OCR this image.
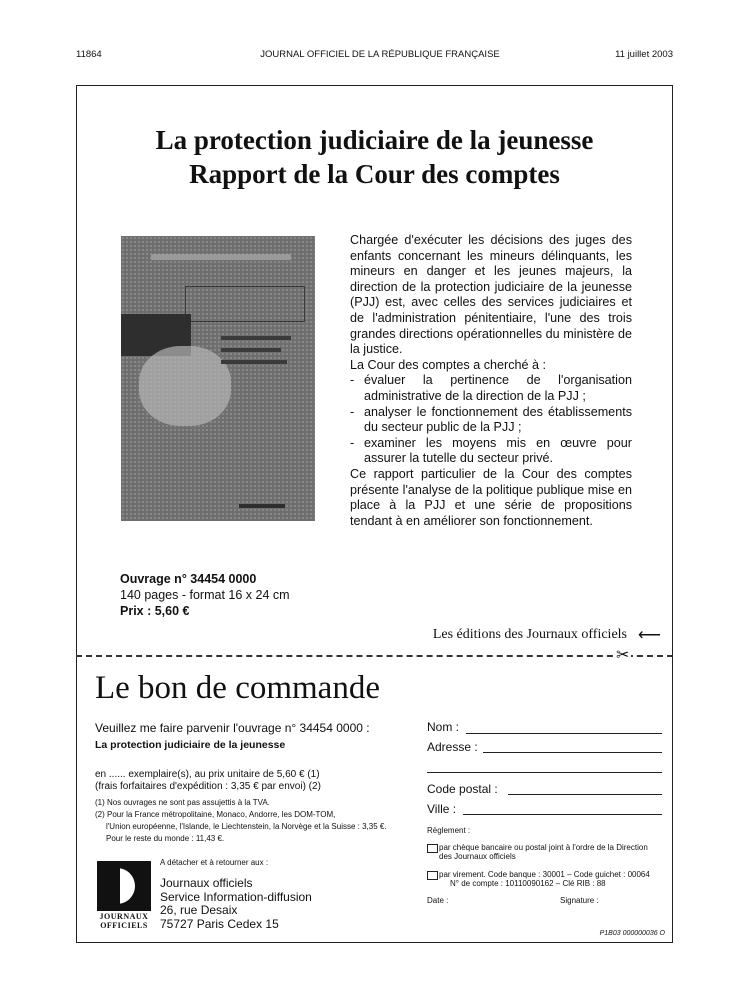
11864	JOURNAL OFFICIEL DE LA RÉPUBLIQUE FRANÇAISE	11 juillet 2003
La protection judiciaire de la jeunesse
Rapport de la Cour des comptes

Chargée d'exécuter les décisions des juges des enfants concernant les mineurs délinquants, les mineurs en danger et les jeunes majeurs, la direction de la protection judiciaire de la jeunesse (PJJ) est, avec celles des services judiciaires et de l'administration pénitentiaire, l'une des trois grandes directions opérationnelles du ministère de la justice.

La Cour des comptes a cherché à :

- évaluer la pertinence de l'organisation administrative de la direction de la PJJ ;
- analyser le fonctionnement des établissements du secteur public de la PJJ ;
- examiner les moyens mis en œuvre pour assurer la tutelle du secteur privé.

Ce rapport particulier de la Cour des comptes présente l'analyse de la politique publique mise en place à la PJJ et une série de propositions tendant à en améliorer son fonctionnement.

Ouvrage n° 34454 0000
140 pages - format 16 x 24 cm
Prix : 5,60 €
Les éditions des Journaux officiels ⟵
✂
Le bon de commande
Veuillez me faire parvenir l'ouvrage n° 34454 0000 :
La protection judiciaire de la jeunesse
en ...... exemplaire(s), au prix unitaire de 5,60 € (1)
(frais forfaitaires d'expédition : 3,35 € par envoi) (2)
(1) Nos ouvrages ne sont pas assujettis à la TVA.
(2) Pour la France métropolitaine, Monaco, Andorre, les DOM-TOM,
l'Union européenne, l'Islande, le Liechtenstein, la Norvège et la Suisse : 3,35 €.
Pour le reste du monde : 11,43 €.
A détacher et à retourner aux :
JOURNAUX
OFFICIELS
Journaux officiels
Service Information-diffusion
26, rue Desaix
75727 Paris Cedex 15
Nom :
Adresse :
Code postal :
Ville :
Règlement :
par chèque bancaire ou postal joint à l'ordre de la Direction des Journaux officiels
par virement. Code banque : 30001 – Code guichet : 00064
N° de compte : 10110090162 – Clé RIB : 88
Date :	Signature :
P1B03 000000036 O
